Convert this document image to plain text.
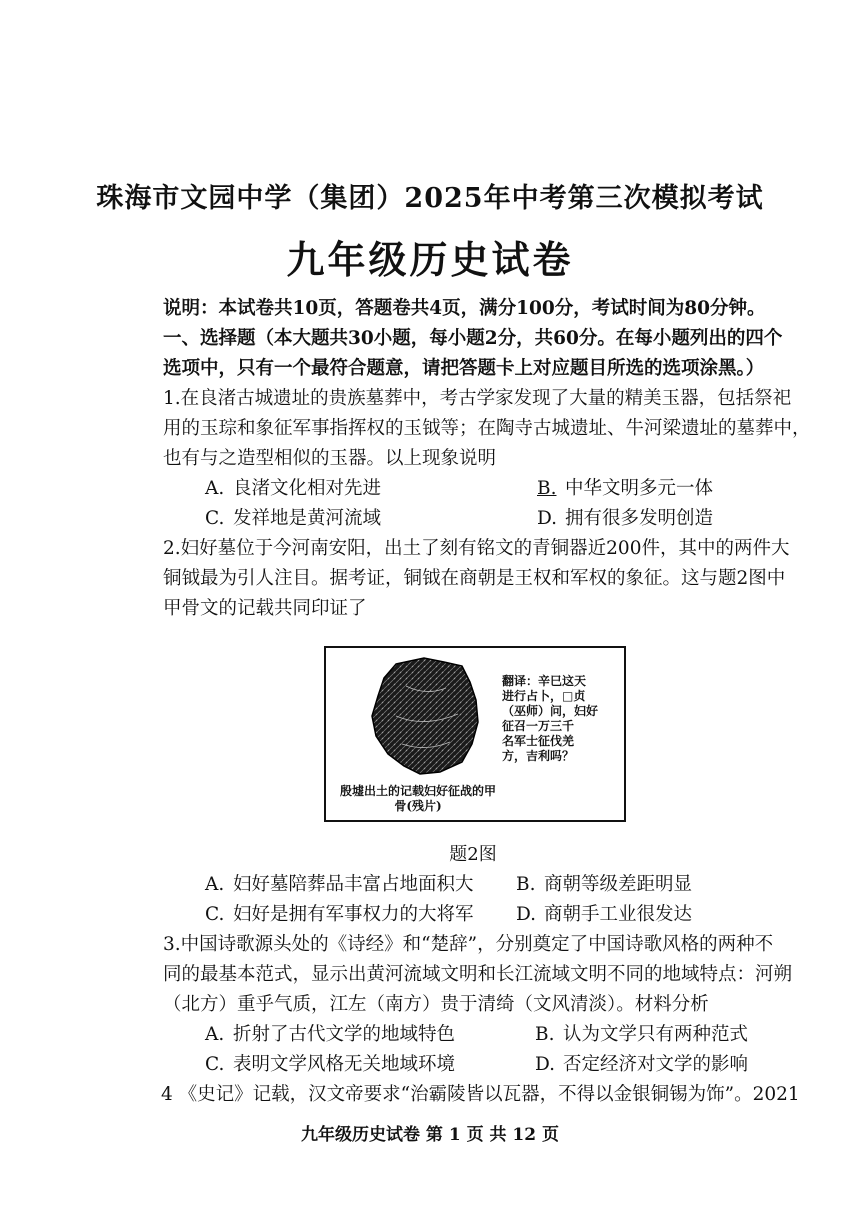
珠海市文园中学（集团）2025年中考第三次模拟考试
九年级历史试卷
说明：本试卷共10页，答题卷共4页，满分100分，考试时间为80分钟。
一、选择题（本大题共30小题，每小题2分，共60分。在每小题列出的四个
选项中，只有一个最符合题意，请把答题卡上对应题目所选的选项涂黑。）
1.在良渚古城遗址的贵族墓葬中，考古学家发现了大量的精美玉器，包括祭祀
用的玉琮和象征军事指挥权的玉钺等；在陶寺古城遗址、牛河梁遗址的墓葬中，
也有与之造型相似的玉器。以上现象说明
A. 良渚文化相对先进	B. 中华文明多元一体
C. 发祥地是黄河流域	D. 拥有很多发明创造
2.妇好墓位于今河南安阳，出土了刻有铭文的青铜器近200件，其中的两件大
铜钺最为引人注目。据考证，铜钺在商朝是王权和军权的象征。这与题2图中
甲骨文的记载共同印证了
翻译：辛巳这天
进行占卜，□贞
（巫师）问，妇好
征召一万三千
名军士征伐羌
方，吉利吗？
殷墟出土的记载妇好征战的甲骨(残片)
题2图
A. 妇好墓陪葬品丰富占地面积大	B. 商朝等级差距明显
C. 妇好是拥有军事权力的大将军	D. 商朝手工业很发达
3.中国诗歌源头处的《诗经》和“楚辞”，分别奠定了中国诗歌风格的两种不
同的最基本范式，显示出黄河流域文明和长江流域文明不同的地域特点：河朔
（北方）重乎气质，江左（南方）贵于清绮（文风清淡）。材料分析
A. 折射了古代文学的地域特色	B. 认为文学只有两种范式
C. 表明文学风格无关地域环境	D. 否定经济对文学的影响
4 《史记》记载，汉文帝要求“治霸陵皆以瓦器，不得以金银铜锡为饰”。2021
九年级历史试卷 第 1 页 共 12 页
